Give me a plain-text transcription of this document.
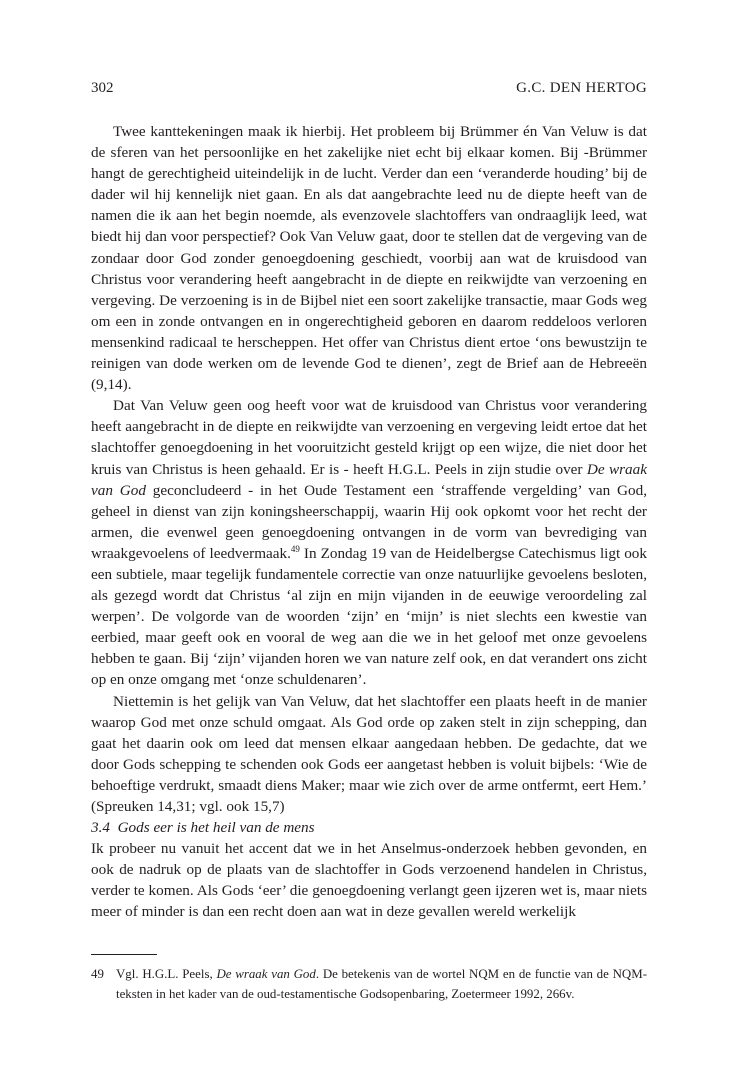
302	G.C. DEN HERTOG

Twee kanttekeningen maak ik hierbij. Het probleem bij Brümmer én Van Veluw is dat de sferen van het persoonlijke en het zakelijke niet echt bij elkaar komen. Bij -Brümmer hangt de gerechtigheid uiteindelijk in de lucht. Verder dan een ‘veranderde houding’ bij de dader wil hij kennelijk niet gaan. En als dat aangebrachte leed nu de diepte heeft van de namen die ik aan het begin noemde, als evenzovele slachtoffers van ondraaglijk leed, wat biedt hij dan voor perspectief? Ook Van Veluw gaat, door te stellen dat de vergeving van de zondaar door God zonder genoegdoening geschiedt, voorbij aan wat de kruisdood van Christus voor verandering heeft aangebracht in de diepte en reikwijdte van verzoening en vergeving. De verzoening is in de Bijbel niet een soort zakelijke transactie, maar Gods weg om een in zonde ontvangen en in ongerechtigheid geboren en daarom reddeloos verloren mensenkind radicaal te herscheppen. Het offer van Christus dient ertoe ‘ons bewustzijn te reinigen van dode werken om de levende God te dienen’, zegt de Brief aan de Hebreeën (9,14).

Dat Van Veluw geen oog heeft voor wat de kruisdood van Christus voor verandering heeft aangebracht in de diepte en reikwijdte van verzoening en vergeving leidt ertoe dat het slachtoffer genoegdoening in het vooruitzicht gesteld krijgt op een wijze, die niet door het kruis van Christus is heen gehaald. Er is - heeft H.G.L. Peels in zijn studie over De wraak van God geconcludeerd - in het Oude Testament een ‘straffende vergelding’ van God, geheel in dienst van zijn koningsheerschappij, waarin Hij ook opkomt voor het recht der armen, die evenwel geen genoegdoening ontvangen in de vorm van bevrediging van wraakgevoelens of leedvermaak.$^{49}$ In Zondag 19 van de Heidelbergse Catechismus ligt ook een subtiele, maar tegelijk fundamentele correctie van onze natuurlijke gevoelens besloten, als gezegd wordt dat Christus ‘al zijn en mijn vijanden in de eeuwige veroordeling zal werpen’. De volgorde van de woorden ‘zijn’ en ‘mijn’ is niet slechts een kwestie van eerbied, maar geeft ook en vooral de weg aan die we in het geloof met onze gevoelens hebben te gaan. Bij ‘zijn’ vijanden horen we van nature zelf ook, en dat verandert ons zicht op en onze omgang met ‘onze schuldenaren’.

Niettemin is het gelijk van Van Veluw, dat het slachtoffer een plaats heeft in de manier waarop God met onze schuld omgaat. Als God orde op zaken stelt in zijn schepping, dan gaat het daarin ook om leed dat mensen elkaar aangedaan hebben. De gedachte, dat we door Gods schepping te schenden ook Gods eer aangetast hebben is voluit bijbels: ‘Wie de behoeftige verdrukt, smaadt diens Maker; maar wie zich over de arme ontfermt, eert Hem.’ (Spreuken 14,31; vgl. ook 15,7)

3.4  Gods eer is het heil van de mens

Ik probeer nu vanuit het accent dat we in het Anselmus-onderzoek hebben gevonden, en ook de nadruk op de plaats van de slachtoffer in Gods verzoenend handelen in Christus, verder te komen. Als Gods ‘eer’ die genoegdoening verlangt geen ijzeren wet is, maar niets meer of minder is dan een recht doen aan wat in deze gevallen wereld werkelijk

49 Vgl. H.G.L. Peels, De wraak van God. De betekenis van de wortel NQM en de functie van de NQM-teksten in het kader van de oud-testamentische Godsopenbaring, Zoetermeer 1992, 266v.
